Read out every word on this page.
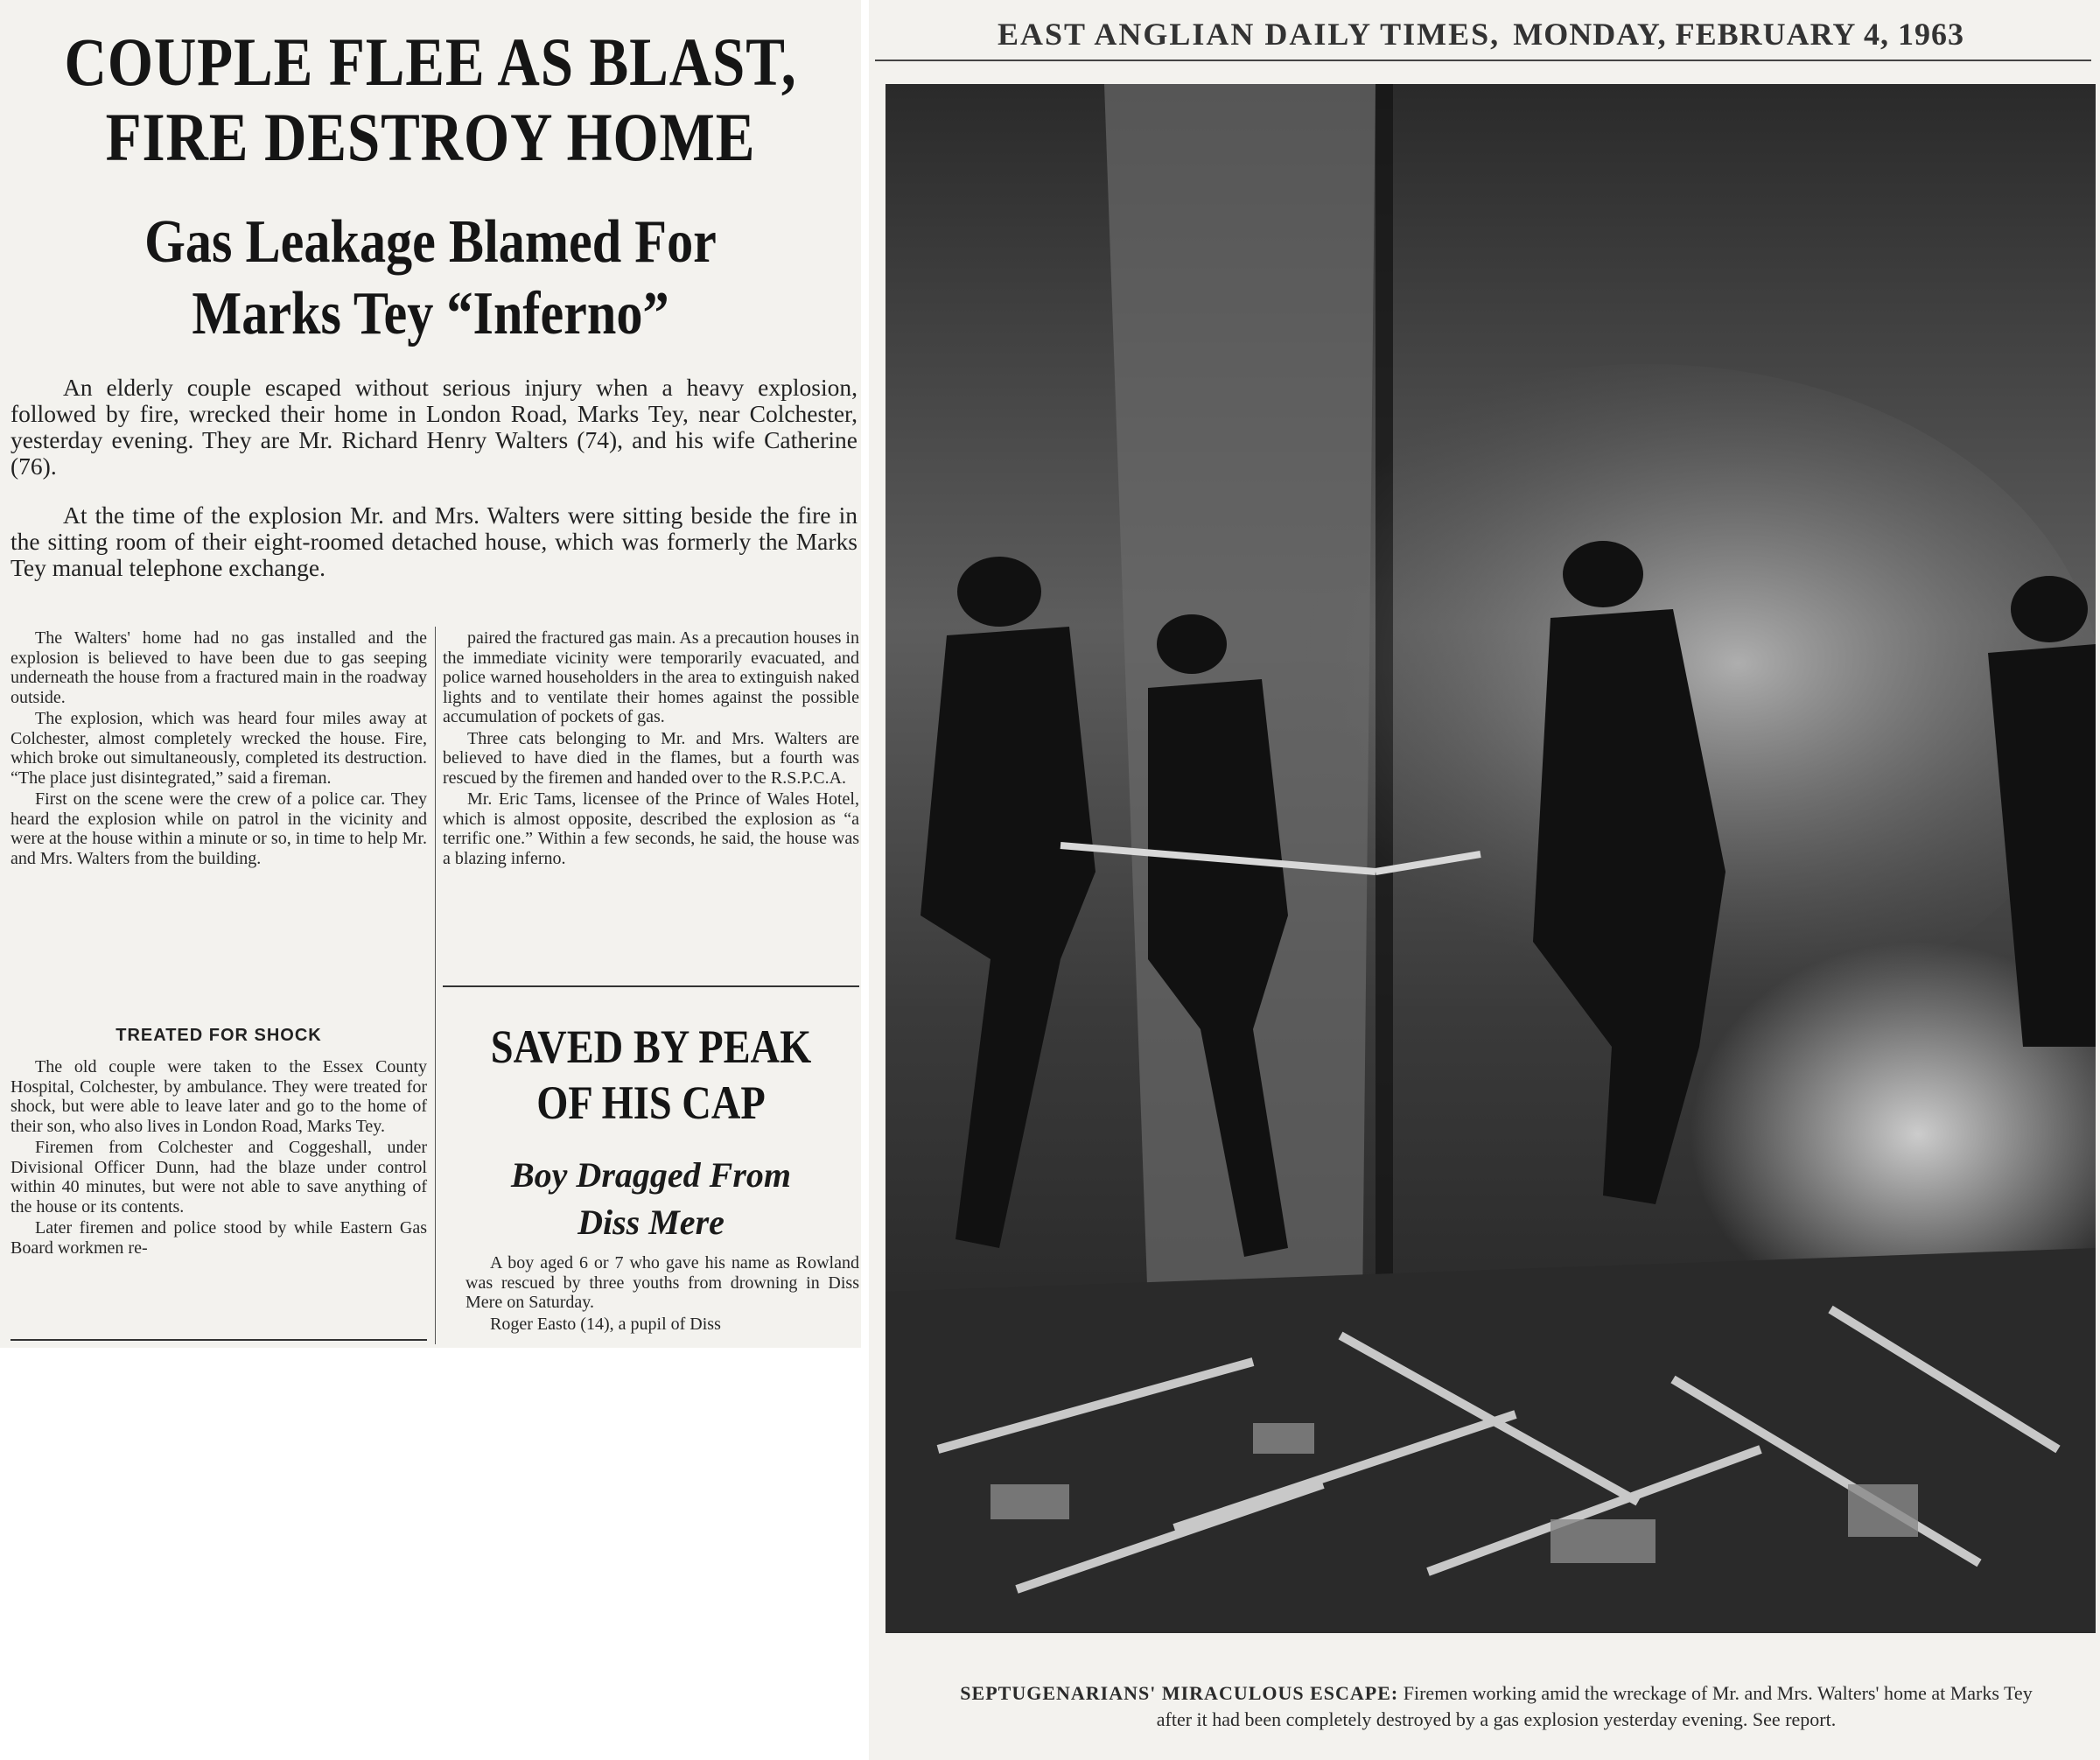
COUPLE FLEE AS BLAST,
FIRE DESTROY HOME
Gas Leakage Blamed For
Marks Tey “Inferno”

An elderly couple escaped without serious injury when a heavy explosion, followed by fire, wrecked their home in London Road, Marks Tey, near Colchester, yesterday evening. They are Mr. Richard Henry Walters (74), and his wife Catherine (76).

At the time of the explosion Mr. and Mrs. Walters were sitting beside the fire in the sitting room of their eight-roomed detached house, which was formerly the Marks Tey manual telephone exchange.

The Walters' home had no gas installed and the explosion is believed to have been due to gas seeping underneath the house from a fractured main in the roadway outside.

The explosion, which was heard four miles away at Colchester, almost completely wrecked the house. Fire, which broke out simultaneously, completed its destruction. “The place just disintegrated,” said a fireman.

First on the scene were the crew of a police car. They heard the explosion while on patrol in the vicinity and were at the house within a minute or so, in time to help Mr. and Mrs. Walters from the building.

TREATED FOR SHOCK

The old couple were taken to the Essex County Hospital, Colchester, by ambulance. They were treated for shock, but were able to leave later and go to the home of their son, who also lives in London Road, Marks Tey.

Firemen from Colchester and Coggeshall, under Divisional Officer Dunn, had the blaze under control within 40 minutes, but were not able to save anything of the house or its contents.

Later firemen and police stood by while Eastern Gas Board workmen re-

paired the fractured gas main. As a precaution houses in the immediate vicinity were temporarily evacuated, and police warned householders in the area to extinguish naked lights and to ventilate their homes against the possible accumulation of pockets of gas.

Three cats belonging to Mr. and Mrs. Walters are believed to have died in the flames, but a fourth was rescued by the firemen and handed over to the R.S.P.C.A.

Mr. Eric Tams, licensee of the Prince of Wales Hotel, which is almost opposite, described the explosion as “a terrific one.” Within a few seconds, he said, the house was a blazing inferno.

SAVED BY PEAK
OF HIS CAP
Boy Dragged From
Diss Mere

A boy aged 6 or 7 who gave his name as Rowland was rescued by three youths from drowning in Diss Mere on Saturday.

Roger Easto (14), a pupil of Diss

EAST ANGLIAN DAILY TIMES, MONDAY, FEBRUARY 4, 1963

SEPTUGENARIANS' MIRACULOUS ESCAPE: Firemen working amid the wreckage of Mr. and Mrs. Walters' home at Marks Tey after it had been completely destroyed by a gas explosion yesterday evening. See report.
